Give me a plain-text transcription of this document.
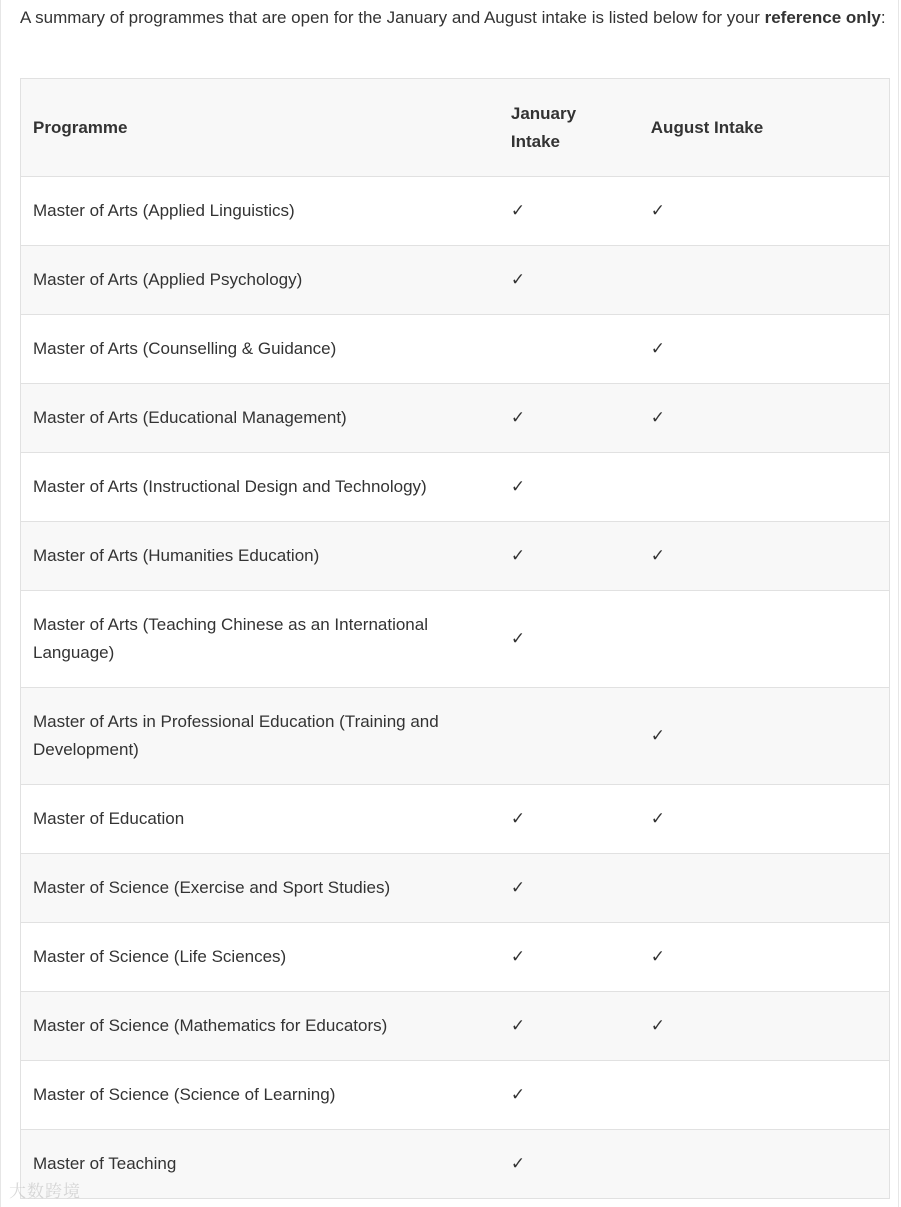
A summary of programmes that are open for the January and August intake is listed below for your reference only:

Programme	January Intake	August Intake
Master of Arts (Applied Linguistics)	✓	✓
Master of Arts (Applied Psychology)	✓	
Master of Arts (Counselling & Guidance)		✓
Master of Arts (Educational Management)	✓	✓
Master of Arts (Instructional Design and Technology)	✓	
Master of Arts (Humanities Education)	✓	✓
Master of Arts (Teaching Chinese as an International Language)	✓	
Master of Arts in Professional Education (Training and Development)		✓
Master of Education	✓	✓
Master of Science (Exercise and Sport Studies)	✓	
Master of Science (Life Sciences)	✓	✓
Master of Science (Mathematics for Educators)	✓	✓
Master of Science (Science of Learning)	✓	
Master of Teaching	✓	
大数跨境
